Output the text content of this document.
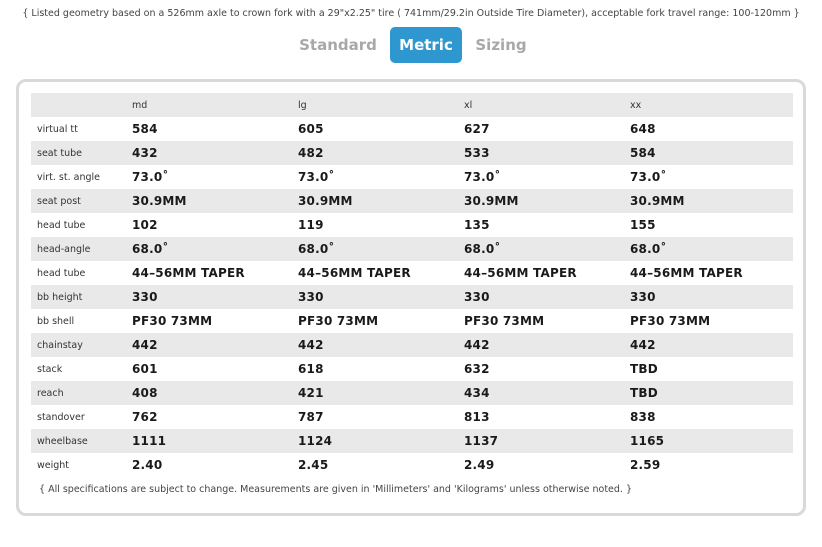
{ Listed geometry based on a 526mm axle to crown fork with a 29"x2.25" tire ( 741mm/29.2in Outside Tire Diameter), acceptable fork travel range: 100-120mm }
Standard	Metric	Sizing
	md	lg	xl	xx
virtual tt	584	605	627	648
seat tube	432	482	533	584
virt. st. angle	73.0˚	73.0˚	73.0˚	73.0˚
seat post	30.9MM	30.9MM	30.9MM	30.9MM
head tube	102	119	135	155
head-angle	68.0˚	68.0˚	68.0˚	68.0˚
head tube	44–56MM TAPER	44–56MM TAPER	44–56MM TAPER	44–56MM TAPER
bb height	330	330	330	330
bb shell	PF30 73MM	PF30 73MM	PF30 73MM	PF30 73MM
chainstay	442	442	442	442
stack	601	618	632	TBD
reach	408	421	434	TBD
standover	762	787	813	838
wheelbase	1111	1124	1137	1165
weight	2.40	2.45	2.49	2.59
{ All specifications are subject to change. Measurements are given in 'Millimeters' and 'Kilograms' unless otherwise noted. }
